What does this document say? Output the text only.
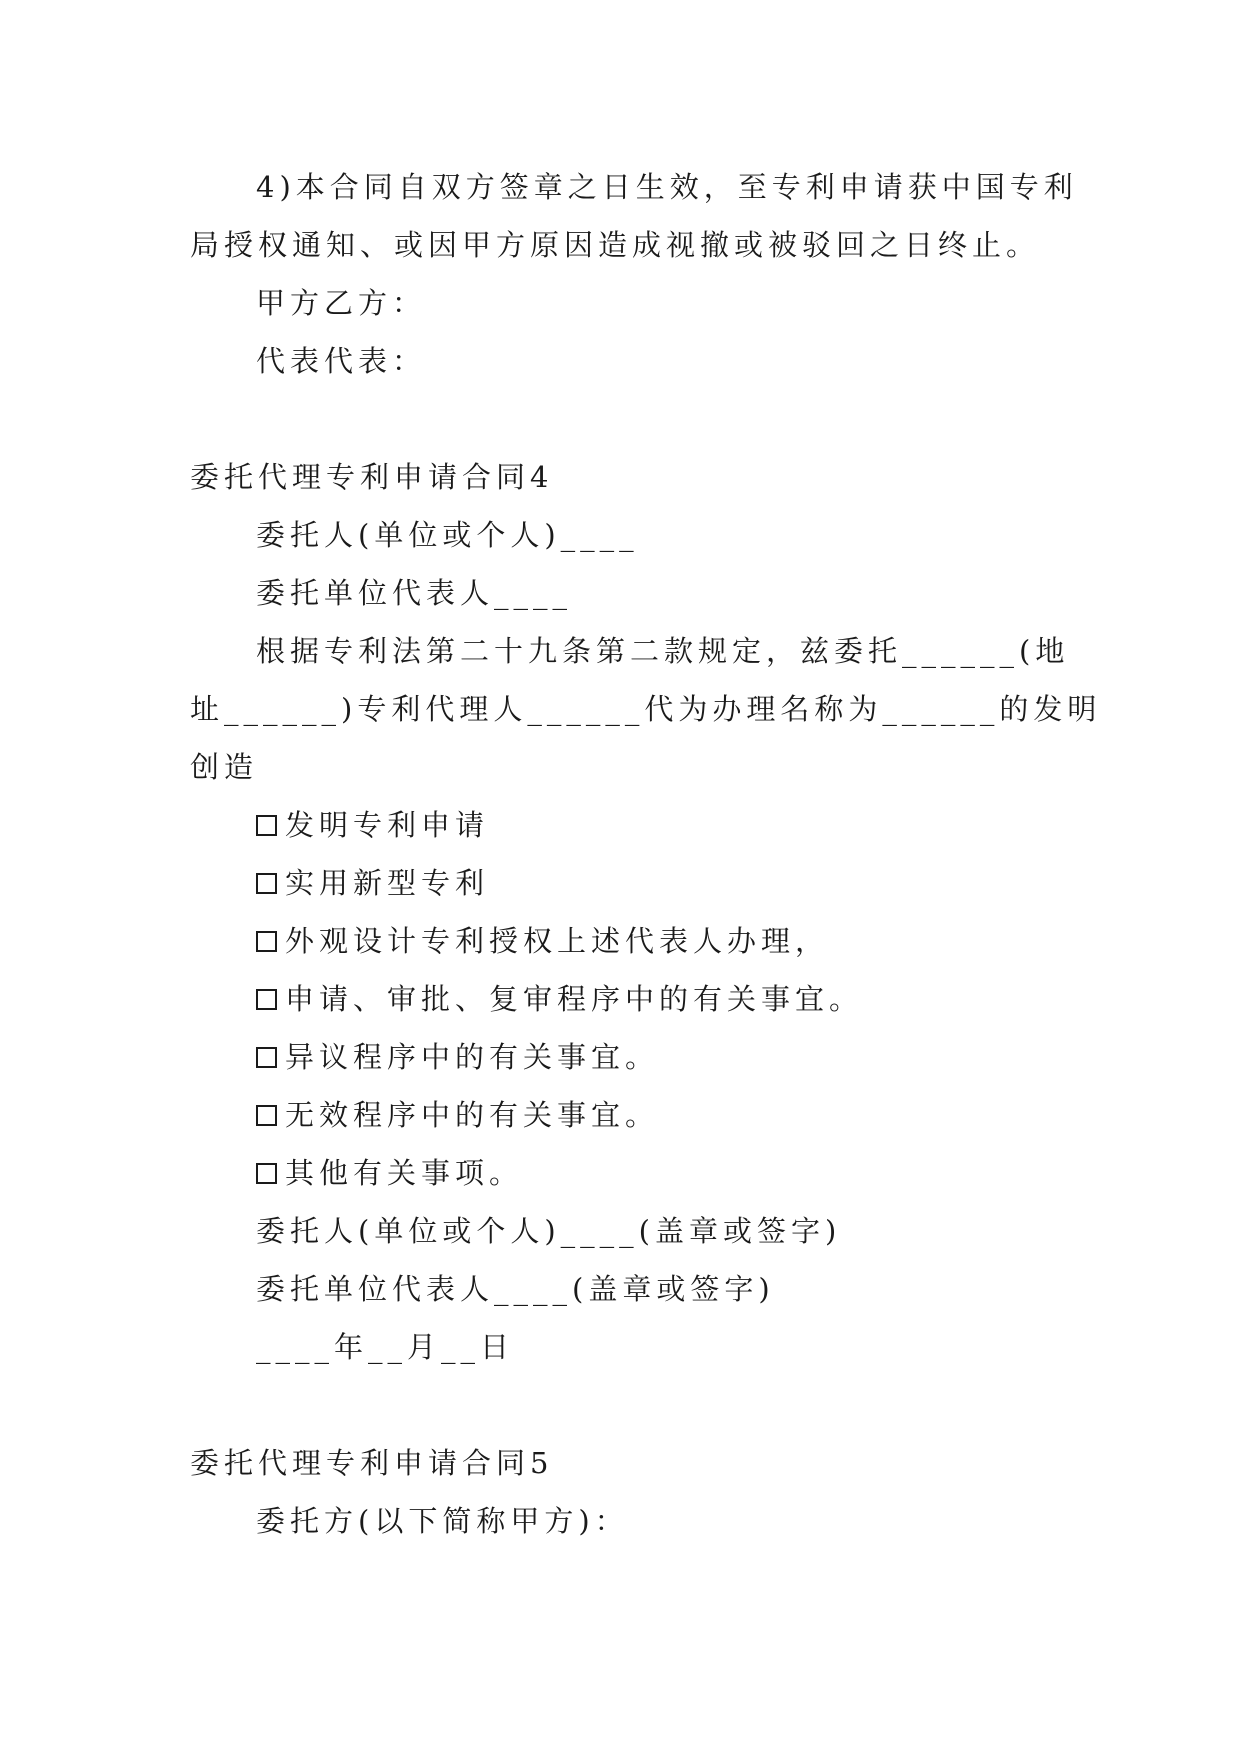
4)本合同自双方签章之日生效，至专利申请获中国专利

局授权通知、或因甲方原因造成视撤或被驳回之日终止。

甲方乙方：

代表代表：

委托代理专利申请合同4

委托人(单位或个人)____

委托单位代表人____

根据专利法第二十九条第二款规定，兹委托______(地

址______)专利代理人______代为办理名称为______的发明

创造

发明专利申请
实用新型专利
外观设计专利授权上述代表人办理，
申请、审批、复审程序中的有关事宜。
异议程序中的有关事宜。
无效程序中的有关事宜。
其他有关事项。

委托人(单位或个人)____(盖章或签字)

委托单位代表人____(盖章或签字)

____年__月__日

委托代理专利申请合同5

委托方(以下简称甲方)：
